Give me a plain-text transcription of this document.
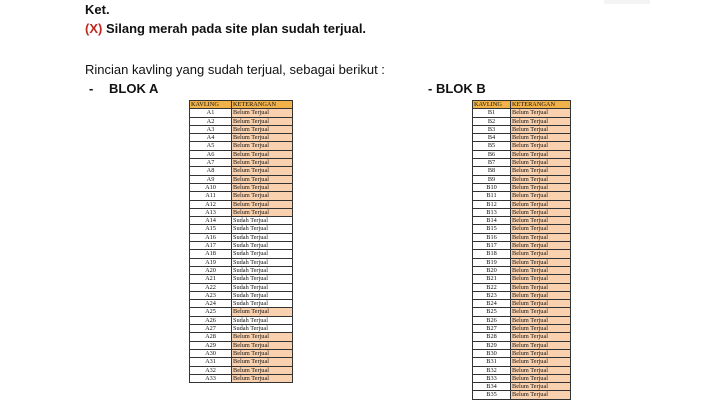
Ket.
(X) Silang merah pada site plan sudah terjual.
Rincian kavling yang sudah terjual, sebagai berikut :
- BLOK A	- BLOK B
KAVLING	KETERANGAN
A1	Belum Terjual
A2	Belum Terjual
A3	Belum Terjual
A4	Belum Terjual
A5	Belum Terjual
A6	Belum Terjual
A7	Belum Terjual
A8	Belum Terjual
A9	Belum Terjual
A10	Belum Terjual
A11	Belum Terjual
A12	Belum Terjual
A13	Belum Terjual
A14	Sudah Terjual
A15	Sudah Terjual
A16	Sudah Terjual
A17	Sudah Terjual
A18	Sudah Terjual
A19	Sudah Terjual
A20	Sudah Terjual
A21	Sudah Terjual
A22	Sudah Terjual
A23	Sudah Terjual
A24	Sudah Terjual
A25	Belum Terjual
A26	Sudah Terjual
A27	Sudah Terjual
A28	Belum Terjual
A29	Belum Terjual
A30	Belum Terjual
A31	Belum Terjual
A32	Belum Terjual
A33	Belum Terjual
KAVLING	KETERANGAN
B1	Belum Terjual
B2	Belum Terjual
B3	Belum Terjual
B4	Belum Terjual
B5	Belum Terjual
B6	Belum Terjual
B7	Belum Terjual
B8	Belum Terjual
B9	Belum Terjual
B10	Belum Terjual
B11	Belum Terjual
B12	Belum Terjual
B13	Belum Terjual
B14	Belum Terjual
B15	Belum Terjual
B16	Belum Terjual
B17	Belum Terjual
B18	Belum Terjual
B19	Belum Terjual
B20	Belum Terjual
B21	Belum Terjual
B22	Belum Terjual
B23	Belum Terjual
B24	Belum Terjual
B25	Belum Terjual
B26	Belum Terjual
B27	Belum Terjual
B28	Belum Terjual
B29	Belum Terjual
B30	Belum Terjual
B31	Belum Terjual
B32	Belum Terjual
B33	Belum Terjual
B34	Belum Terjual
B35	Belum Terjual
